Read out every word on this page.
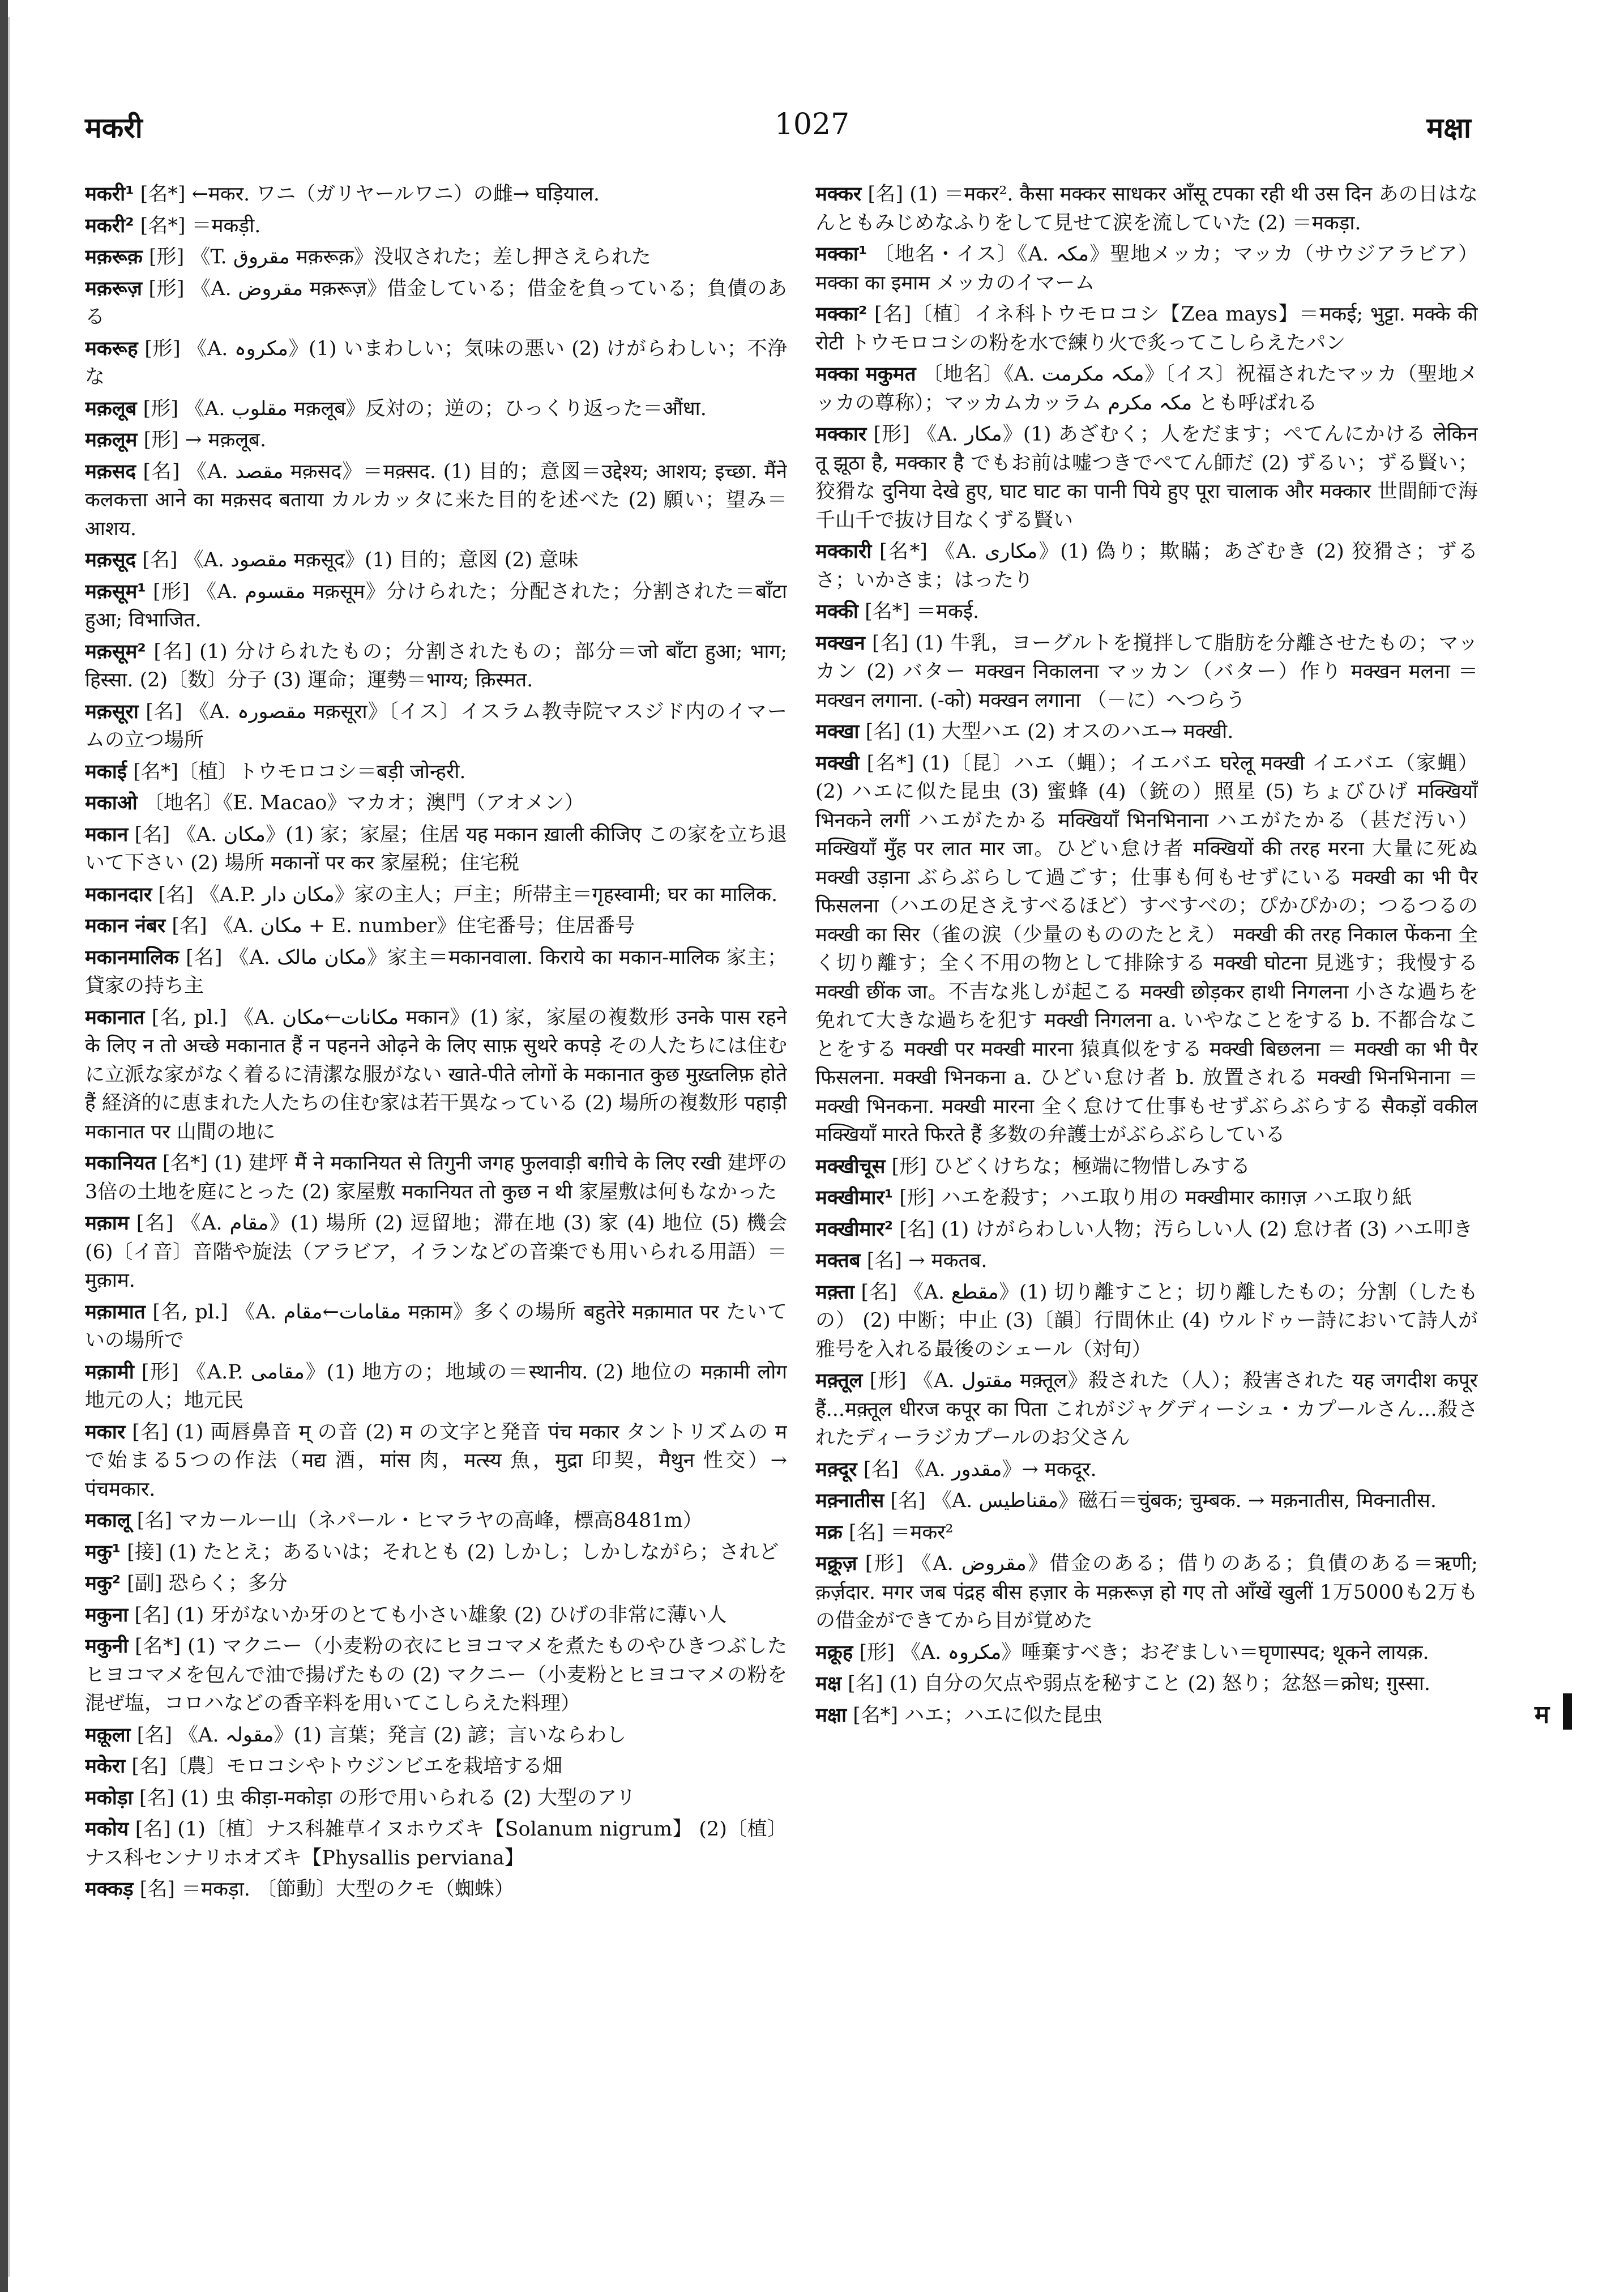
मकरी	1027	मक्षा

मकरी¹ [名*] ←मकर. ワニ（ガリヤールワニ）の雌→ घड़ियाल.

मकरी² [名*] ＝मकड़ी.

मक़रूक़ [形] 《T. مقروق मक़रूक़》没収された；差し押さえられた

मक़रूज़ [形] 《A. مقروض मक़रूज़》借金している；借金を負っている；負債のある

मकरूह [形] 《A. مکروہ》(1) いまわしい；気味の悪い (2) けがらわしい；不浄な

मक़लूब [形] 《A. مقلوب मक़लूब》反対の；逆の；ひっくり返った＝औंधा.

मक़लूम [形] → मक़लूब.

मक़सद [名] 《A. مقصد मक़सद》＝मक़्सद. (1) 目的；意図＝उद्देश्य; आशय; इच्छा. मैंने कलकत्ता आने का मक़सद बताया カルカッタに来た目的を述べた (2) 願い；望み＝आशय.

मक़सूद [名] 《A. مقصود मक़सूद》(1) 目的；意図 (2) 意味

मक़सूम¹ [形] 《A. مقسوم मक़सूम》分けられた；分配された；分割された＝बाँटा हुआ; विभाजित.

मक़सूम² [名] (1) 分けられたもの；分割されたもの；部分＝जो बाँटा हुआ; भाग; हिस्सा. (2)〔数〕分子 (3) 運命；運勢＝भाग्य; क़िस्मत.

मक़सूरा [名] 《A. مقصورہ मक़सूरा》〔イス〕イスラム教寺院マスジド内のイマームの立つ場所

मकाई [名*]〔植〕トウモロコシ＝बड़ी जोन्हरी.

मकाओ 〔地名〕《E. Macao》マカオ；澳門（アオメン）

मकान [名] 《A. مکان》(1) 家；家屋；住居 यह मकान ख़ाली कीजिए この家を立ち退いて下さい (2) 場所 मकानों पर कर 家屋税；住宅税

मकानदार [名] 《A.P. مکان دار》家の主人；戸主；所帯主＝गृहस्वामी; घर का मालिक.

मकान नंबर [名] 《A. مکان + E. number》住宅番号；住居番号

मकानमालिक [名] 《A. مکان مالک》家主＝मकानवाला. किराये का मकान-मालिक 家主；貸家の持ち主

मकानात [名, pl.] 《A. مکانات←مکان मकान》(1) 家，家屋の複数形 उनके पास रहने के लिए न तो अच्छे मकानात हैं न पहनने ओढ़ने के लिए साफ़ सुथरे कपड़े その人たちには住むに立派な家がなく着るに清潔な服がない खाते-पीते लोगों के मकानात कुछ मुख़्तलिफ़ होते हैं 経済的に恵まれた人たちの住む家は若干異なっている (2) 場所の複数形 पहाड़ी मकानात पर 山間の地に

मकानियत [名*] (1) 建坪 मैं ने मकानियत से तिगुनी जगह फुलवाड़ी बग़ीचे के लिए रखी 建坪の3倍の土地を庭にとった (2) 家屋敷 मकानियत तो कुछ न थी 家屋敷は何もなかった

मक़ाम [名] 《A. مقام》(1) 場所 (2) 逗留地；滞在地 (3) 家 (4) 地位 (5) 機会 (6)〔イ音〕音階や旋法（アラビア，イランなどの音楽でも用いられる用語）＝मुक़ाम.

मक़ामात [名, pl.] 《A. مقامات←مقام मक़ाम》多くの場所 बहुतेरे मक़ामात पर たいていの場所で

मक़ामी [形] 《A.P. مقامی》(1) 地方の；地域の＝स्थानीय. (2) 地位の मक़ामी लोग 地元の人；地元民

मकार [名] (1) 両唇鼻音 म् の音 (2) म の文字と発音 पंच मकार タントリズムの म で始まる5つの作法（मद्य 酒，मांस 肉，मत्स्य 魚，मुद्रा 印契，मैथुन 性交）→ पंचमकार.

मकालू [名] マカールー山（ネパール・ヒマラヤの高峰，標高8481m）

मकु¹ [接] (1) たとえ；あるいは；それとも (2) しかし；しかしながら；されど

मकु² [副] 恐らく；多分

मकुना [名] (1) 牙がないか牙のとても小さい雄象 (2) ひげの非常に薄い人

मकुनी [名*] (1) マクニー（小麦粉の衣にヒヨコマメを煮たものやひきつぶしたヒヨコマメを包んで油で揚げたもの (2) マクニー（小麦粉とヒヨコマメの粉を混ぜ塩，コロハなどの香辛料を用いてこしらえた料理）

मक़ूला [名] 《A. مقولہ》(1) 言葉；発言 (2) 諺；言いならわし

मकेरा [名]〔農〕モロコシやトウジンビエを栽培する畑

मकोड़ा [名] (1) 虫 कीड़ा-मकोड़ा の形で用いられる (2) 大型のアリ

मकोय [名] (1)〔植〕ナス科雑草イヌホウズキ【Solanum nigrum】 (2)〔植〕ナス科センナリホオズキ【Physallis perviana】

मक्कड़ [名] ＝मकड़ा. 〔節動〕大型のクモ（蜘蛛）

मक्कर [名] (1) ＝मकर². कैसा मक्कर साधकर आँसू टपका रही थी उस दिन あの日はなんともみじめなふりをして見せて涙を流していた (2) ＝मकड़ा.

मक्का¹ 〔地名・イス〕《A. مکہ》聖地メッカ；マッカ（サウジアラビア） मक्का का इमाम メッカのイマーム

मक्का² [名]〔植〕イネ科トウモロコシ【Zea mays】＝मकई; भुट्टा. मक्के की रोटी トウモロコシの粉を水で練り火で炙ってこしらえたパン

मक्का मकुमत 〔地名〕《A. مکہ مکرمت》〔イス〕祝福されたマッカ（聖地メッカの尊称）；マッカムカッラム مکہ مکرم とも呼ばれる

मक्कार [形] 《A. مکار》(1) あざむく；人をだます；ぺてんにかける लेकिन तू झूठा है, मक्कार है でもお前は嘘つきでぺてん師だ (2) ずるい；ずる賢い；狡猾な दुनिया देखे हुए, घाट घाट का पानी पिये हुए पूरा चालाक और मक्कार 世間師で海千山千で抜け目なくずる賢い

मक्कारी [名*] 《A. مکاری》(1) 偽り；欺瞞；あざむき (2) 狡猾さ；ずるさ；いかさま；はったり

मक्की [名*] ＝मकई.

मक्खन [名] (1) 牛乳，ヨーグルトを撹拌して脂肪を分離させたもの；マッカン (2) バター मक्खन निकालना マッカン（バター）作り मक्खन मलना ＝ मक्खन लगाना. (-को) मक्खन लगाना （－に）へつらう

मक्खा [名] (1) 大型ハエ (2) オスのハエ→ मक्खी.

मक्खी [名*] (1)〔昆〕ハエ（蝿）；イエバエ घरेलू मक्खी イエバエ（家蝿） (2) ハエに似た昆虫 (3) 蜜蜂 (4)（銃の）照星 (5) ちょびひげ मक्खियाँ भिनकने लगीं ハエがたかる मक्खियाँ भिनभिनाना ハエがたかる（甚だ汚い） मक्खियाँ मुँह पर लात मार जा。ひどい怠け者 मक्खियों की तरह मरना 大量に死ぬ मक्खी उड़ाना ぶらぶらして過ごす；仕事も何もせずにいる मक्खी का भी पैर फिसलना（ハエの足さえすべるほど）すべすべの；ぴかぴかの；つるつるの मक्खी का सिर（雀の涙（少量のもののたとえ） मक्खी की तरह निकाल फेंकना 全く切り離す；全く不用の物として排除する मक्खी घोटना 見逃す；我慢する मक्खी छींक जा。不吉な兆しが起こる मक्खी छोड़कर हाथी निगलना 小さな過ちを免れて大きな過ちを犯す मक्खी निगलना a. いやなことをする b. 不都合なことをする मक्खी पर मक्खी मारना 猿真似をする मक्खी बिछलना ＝ मक्खी का भी पैर फिसलना. मक्खी भिनकना a. ひどい怠け者 b. 放置される मक्खी भिनभिनाना ＝ मक्खी भिनकना. मक्खी मारना 全く怠けて仕事もせずぶらぶらする सैकड़ों वकील मक्खियाँ मारते फिरते हैं 多数の弁護士がぶらぶらしている

मक्खीचूस [形] ひどくけちな；極端に物惜しみする

मक्खीमार¹ [形] ハエを殺す；ハエ取り用の मक्खीमार काग़ज़ ハエ取り紙

मक्खीमार² [名] (1) けがらわしい人物；汚らしい人 (2) 怠け者 (3) ハエ叩き

मक्तब [名] → मकतब.

मक़्ता [名] 《A. مقطع》(1) 切り離すこと；切り離したもの；分割（したもの） (2) 中断；中止 (3)〔韻〕行間休止 (4) ウルドゥー詩において詩人が雅号を入れる最後のシェール（対句）

मक़्तूल [形] 《A. مقتول मक़्तूल》殺された（人）；殺害された यह जगदीश कपूर हैं...मक़्तूल धीरज कपूर का पिता これがジャグディーシュ・カプールさん…殺されたディーラジカプールのお父さん

मक़्दूर [名] 《A. مقدور》→ मकदूर.

मक़्नातीस [名] 《A. مقناطیس》磁石＝चुंबक; चुम्बक. → मक़नातीस, मिक्नातीस.

मक्र [名] ＝मकर²

मक़्रूज़ [形] 《A. مقروض》借金のある；借りのある；負債のある＝ऋणी; क़र्ज़दार. मगर जब पंद्रह बीस हज़ार के मक़रूज़ हो गए तो आँखें खुलीं 1万5000も2万もの借金ができてから目が覚めた

मक्रूह [形] 《A. مکروہ》唾棄すべき；おぞましい＝घृणास्पद; थूकने लायक़.

मक्ष [名] (1) 自分の欠点や弱点を秘すこと (2) 怒り；忿怒＝क्रोध; ग़ुस्सा.

मक्षा [名*] ハエ；ハエに似た昆虫	म
